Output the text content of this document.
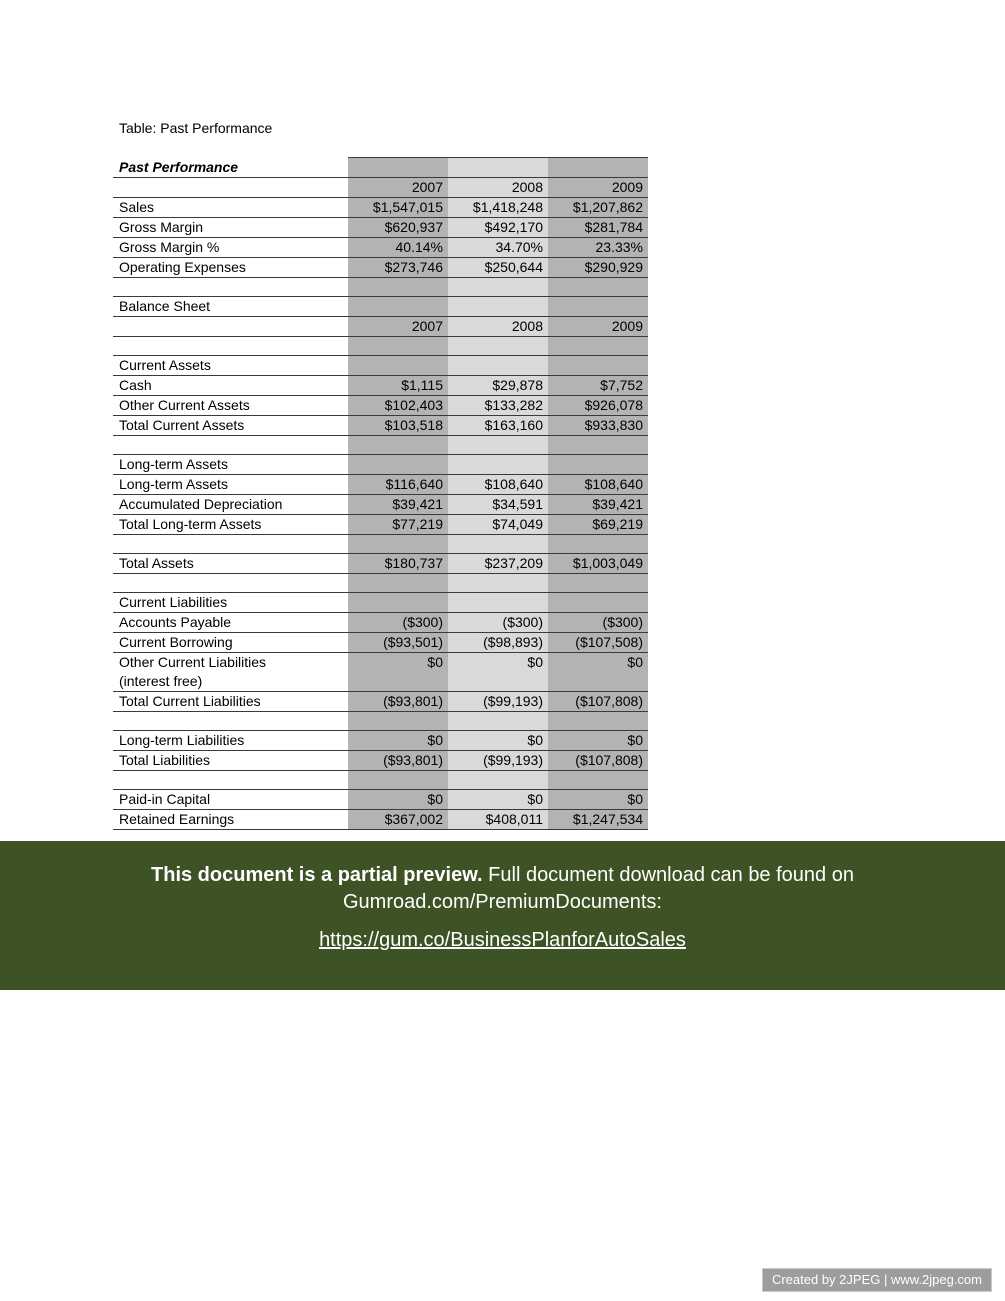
Table: Past Performance
Past Performance			
	2007	2008	2009
Sales	$1,547,015	$1,418,248	$1,207,862
Gross Margin	$620,937	$492,170	$281,784
Gross Margin %	40.14%	34.70%	23.33%
Operating Expenses	$273,746	$250,644	$290,929

Balance Sheet			
	2007	2008	2009

Current Assets			
Cash	$1,115	$29,878	$7,752
Other Current Assets	$102,403	$133,282	$926,078
Total Current Assets	$103,518	$163,160	$933,830

Long-term Assets			
Long-term Assets	$116,640	$108,640	$108,640
Accumulated Depreciation	$39,421	$34,591	$39,421
Total Long-term Assets	$77,219	$74,049	$69,219

Total Assets	$180,737	$237,209	$1,003,049

Current Liabilities			
Accounts Payable	($300)	($300)	($300)
Current Borrowing	($93,501)	($98,893)	($107,508)

Other Current Liabilities
(interest free)	$0	$0	$0
Total Current Liabilities	($93,801)	($99,193)	($107,808)

Long-term Liabilities	$0	$0	$0
Total Liabilities	($93,801)	($99,193)	($107,808)

Paid-in Capital	$0	$0	$0
Retained Earnings	$367,002	$408,011	$1,247,534
This document is a partial preview. Full document download can be found on
Gumroad.com/PremiumDocuments:
https://gum.co/BusinessPlanforAutoSales
Created by 2JPEG | www.2jpeg.com
